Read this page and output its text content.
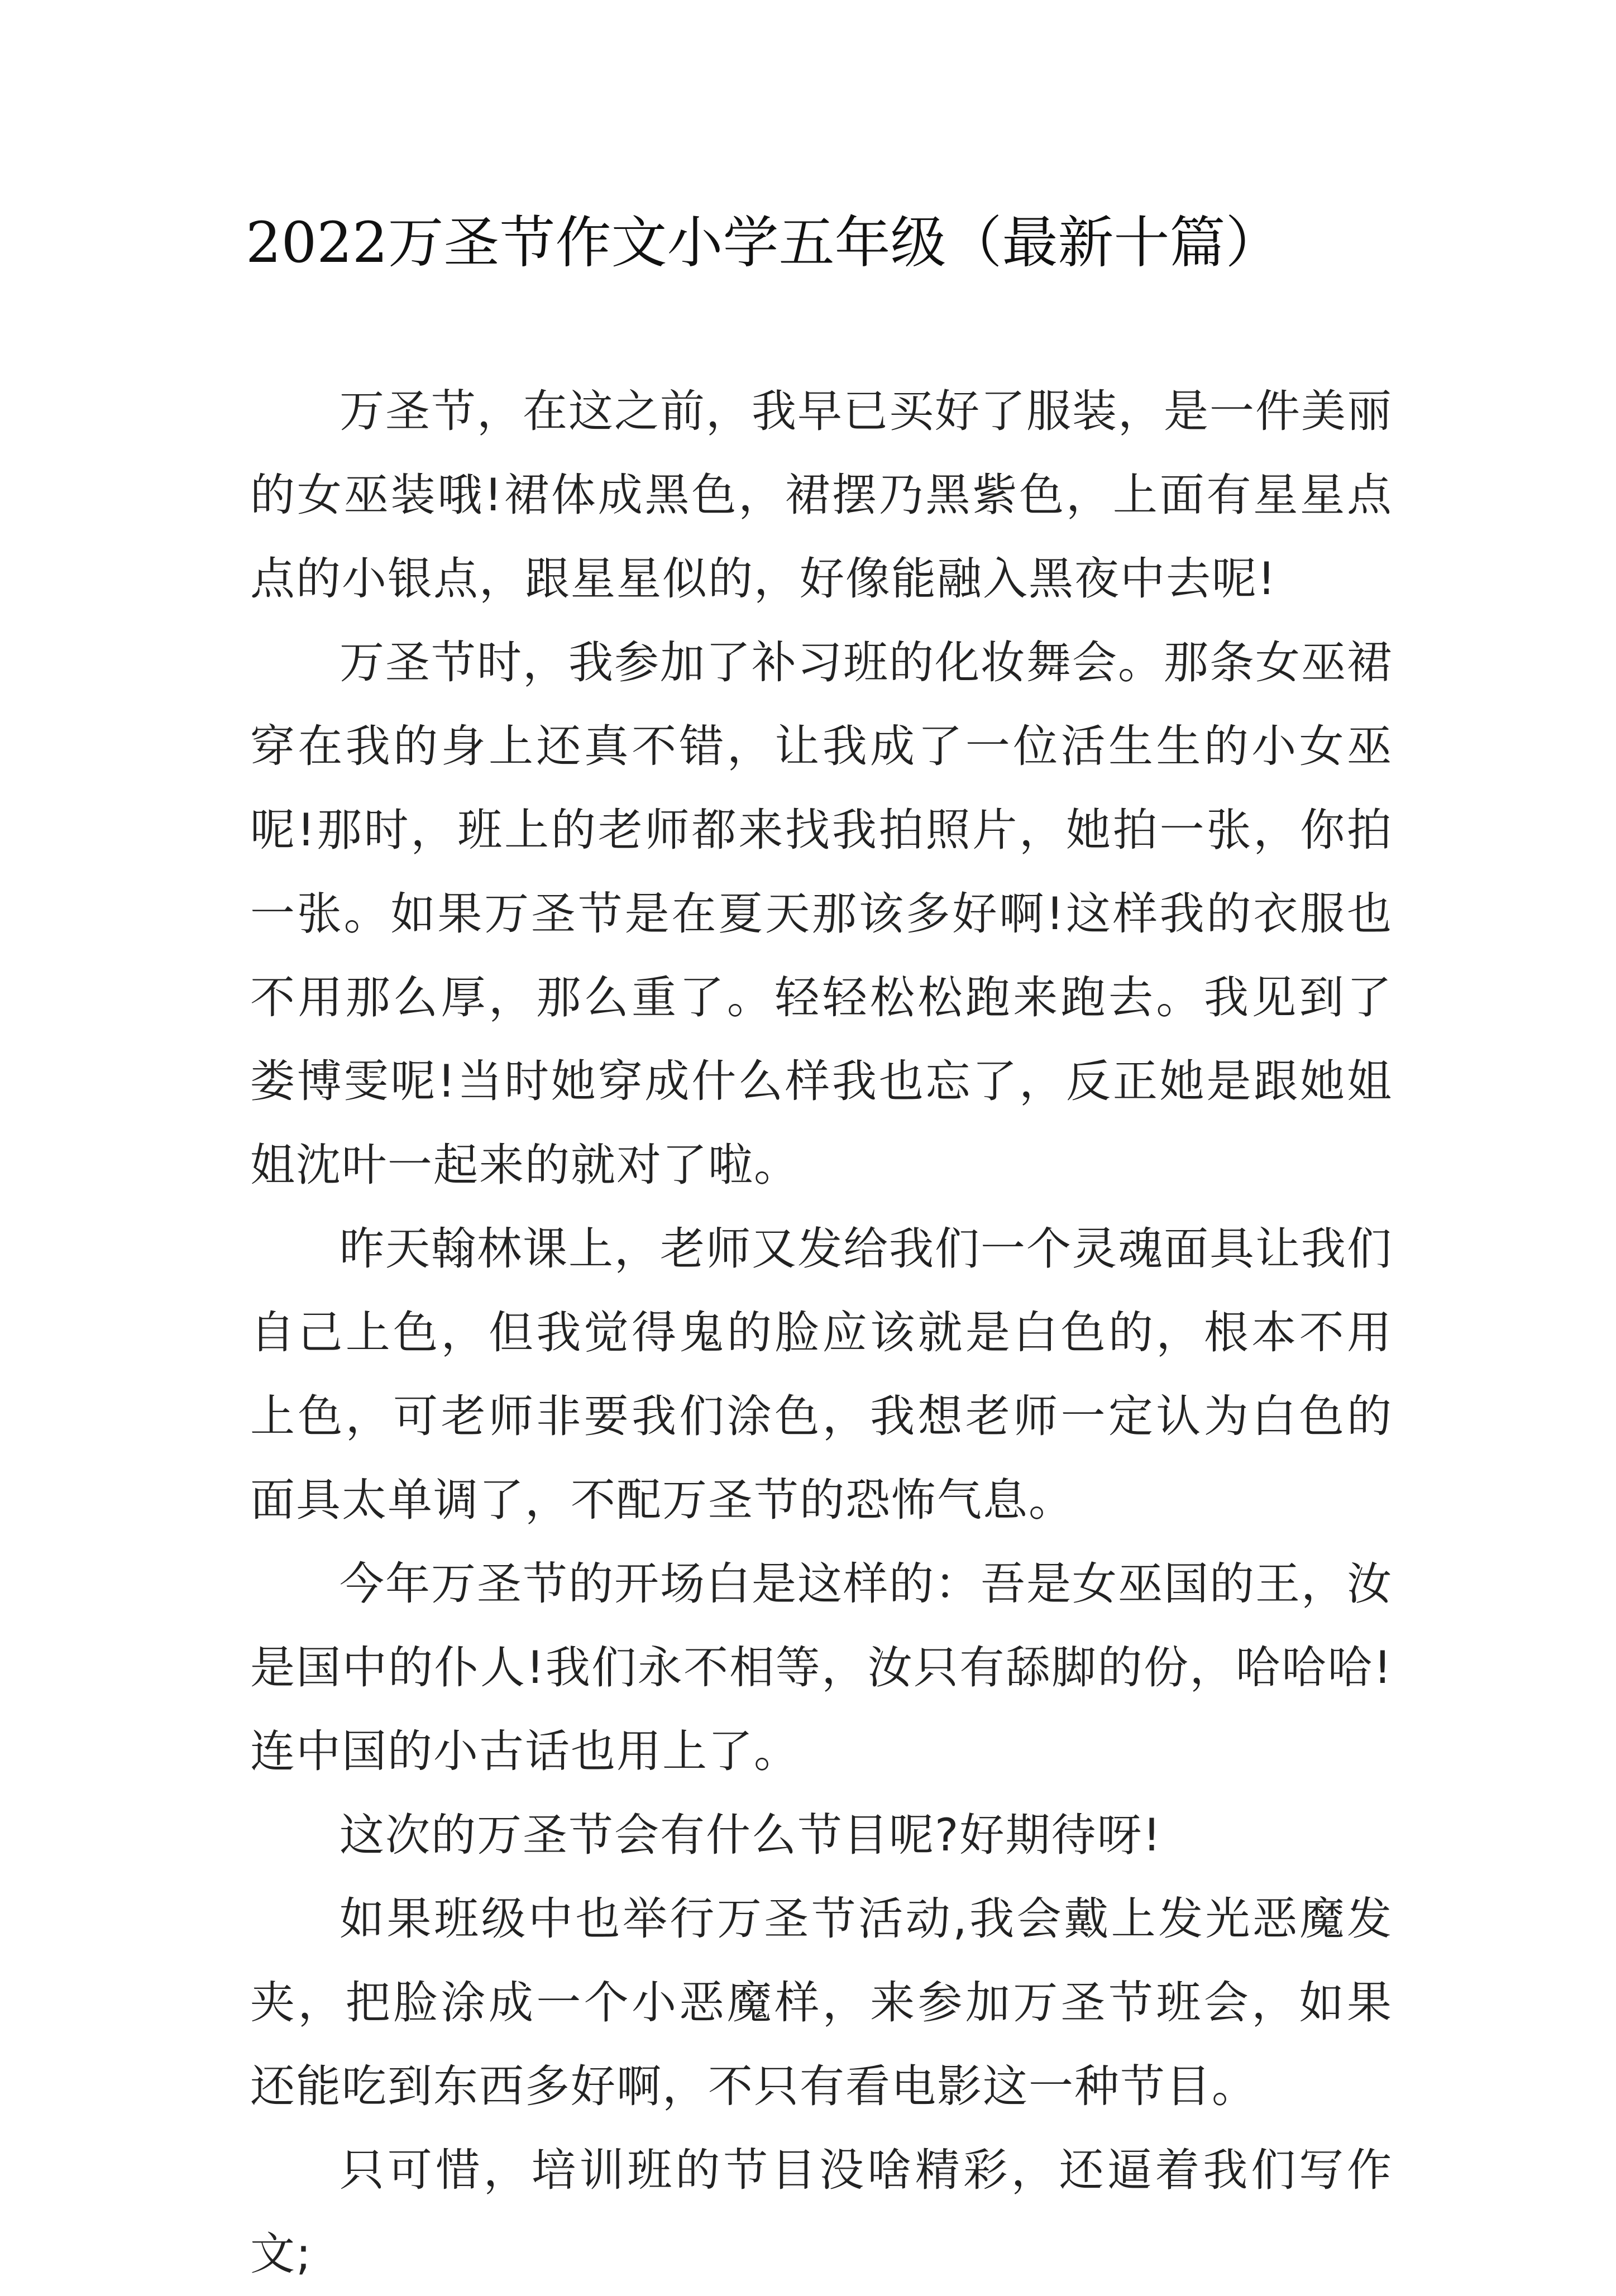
2022万圣节作文小学五年级（最新十篇）

万圣节，在这之前，我早已买好了服装，是一件美丽的女巫装哦!裙体成黑色，裙摆乃黑紫色，上面有星星点点的小银点，跟星星似的，好像能融入黑夜中去呢!

万圣节时，我参加了补习班的化妆舞会。那条女巫裙穿在我的身上还真不错，让我成了一位活生生的小女巫呢!那时，班上的老师都来找我拍照片，她拍一张，你拍一张。如果万圣节是在夏天那该多好啊!这样我的衣服也不用那么厚，那么重了。轻轻松松跑来跑去。我见到了娄博雯呢!当时她穿成什么样我也忘了，反正她是跟她姐姐沈叶一起来的就对了啦。

昨天翰林课上，老师又发给我们一个灵魂面具让我们自己上色，但我觉得鬼的脸应该就是白色的，根本不用上色，可老师非要我们涂色，我想老师一定认为白色的面具太单调了，不配万圣节的恐怖气息。

今年万圣节的开场白是这样的：吾是女巫国的王，汝是国中的仆人!我们永不相等，汝只有舔脚的份，哈哈哈!连中国的小古话也用上了。

这次的万圣节会有什么节目呢?好期待呀!

如果班级中也举行万圣节活动,我会戴上发光恶魔发夹，把脸涂成一个小恶魔样，来参加万圣节班会，如果还能吃到东西多好啊，不只有看电影这一种节目。

只可惜，培训班的节目没啥精彩，还逼着我们写作文;
